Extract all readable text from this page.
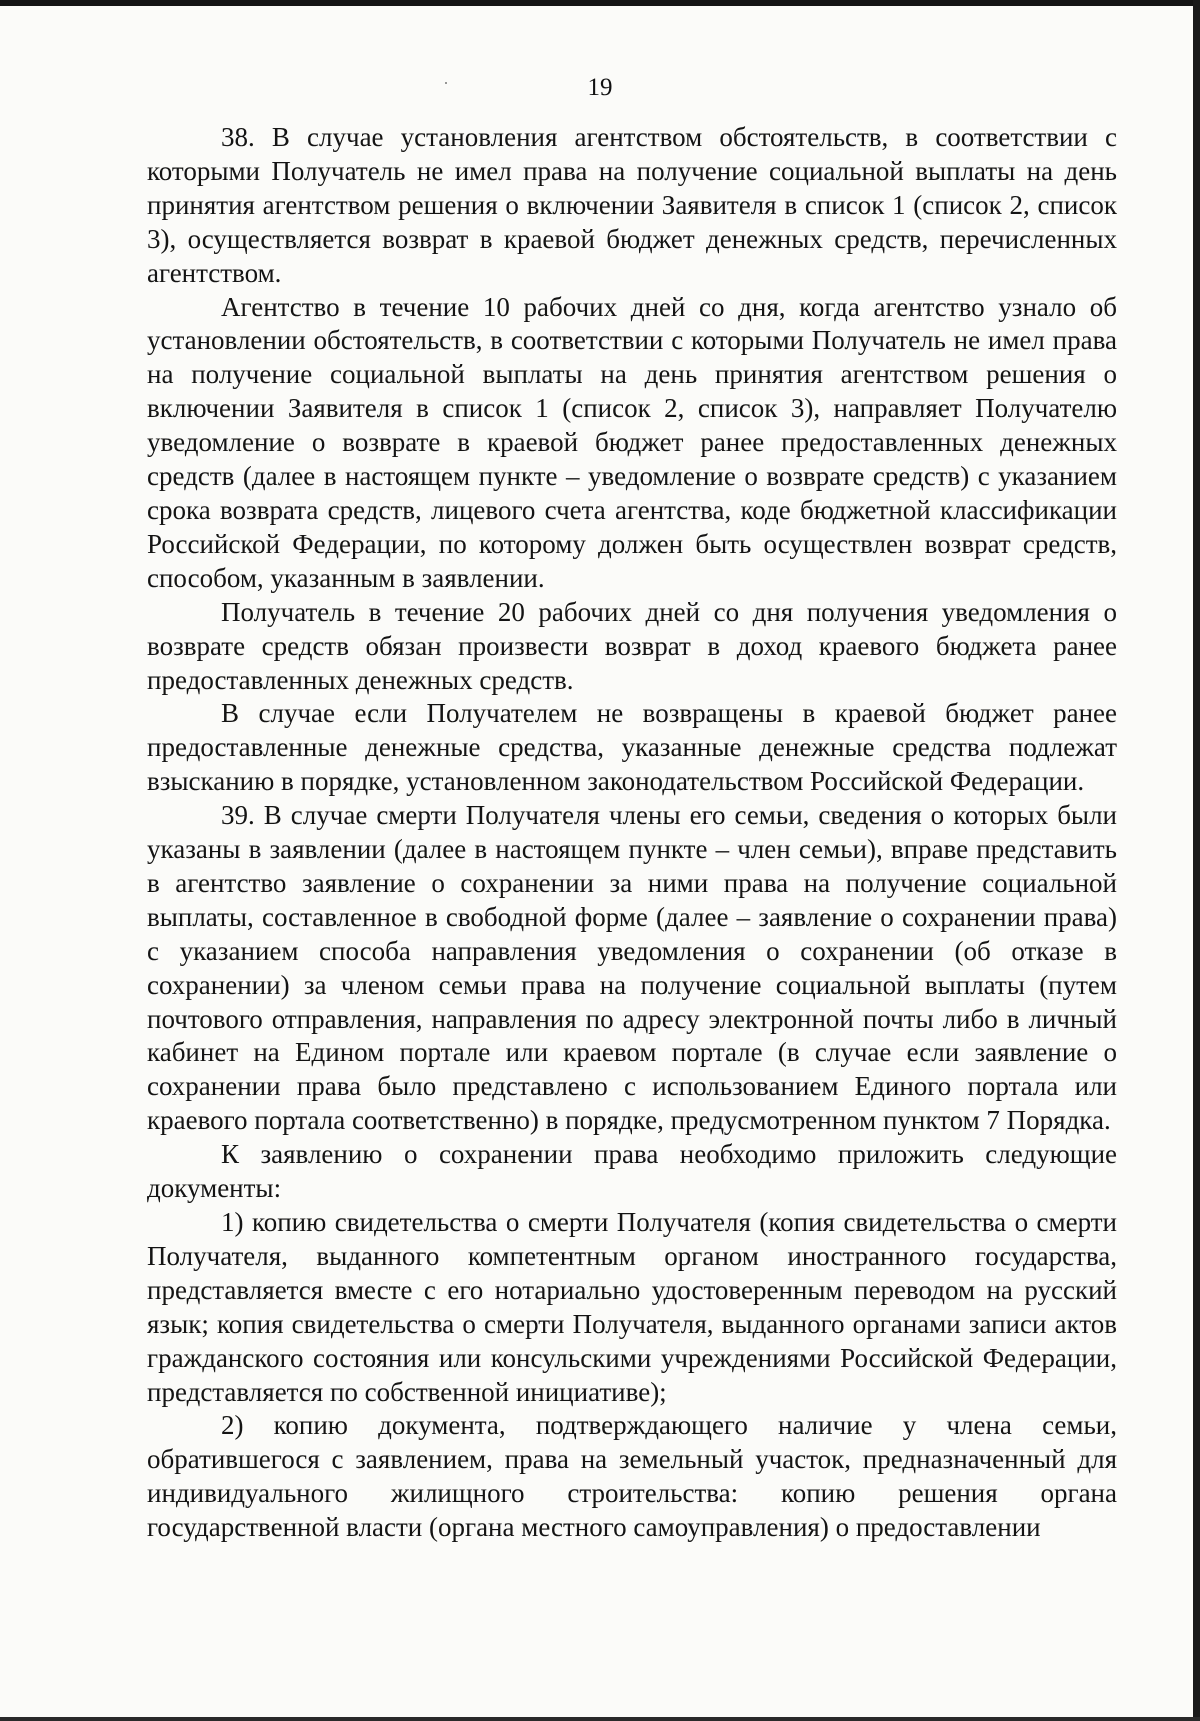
19

38. В случае установления агентством обстоятельств, в соответствии с которыми Получатель не имел права на получение социальной выплаты на день принятия агентством решения о включении Заявителя в список 1 (список 2, список 3), осуществляется возврат в краевой бюджет денежных средств, перечисленных агентством.

Агентство в течение 10 рабочих дней со дня, когда агентство узнало об установлении обстоятельств, в соответствии с которыми Получатель не имел права на получение социальной выплаты на день принятия агентством решения о включении Заявителя в список 1 (список 2, список 3), направляет Получателю уведомление о возврате в краевой бюджет ранее предоставленных денежных средств (далее в настоящем пункте – уведомление о возврате средств) с указанием срока возврата средств, лицевого счета агентства, коде бюджетной классификации Российской Федерации, по которому должен быть осуществлен возврат средств, способом, указанным в заявлении.

Получатель в течение 20 рабочих дней со дня получения уведомления о возврате средств обязан произвести возврат в доход краевого бюджета ранее предоставленных денежных средств.

В случае если Получателем не возвращены в краевой бюджет ранее предоставленные денежные средства, указанные денежные средства подлежат взысканию в порядке, установленном законодательством Российской Федерации.

39. В случае смерти Получателя члены его семьи, сведения о которых были указаны в заявлении (далее в настоящем пункте – член семьи), вправе представить в агентство заявление о сохранении за ними права на получение социальной выплаты, составленное в свободной форме (далее – заявление о сохранении права) с указанием способа направления уведомления о сохранении (об отказе в сохранении) за членом семьи права на получение социальной выплаты (путем почтового отправления, направления по адресу электронной почты либо в личный кабинет на Едином портале или краевом портале (в случае если заявление о сохранении права было представлено с использованием Единого портала или краевого портала соответственно) в порядке, предусмотренном пунктом 7 Порядка.

К заявлению о сохранении права необходимо приложить следующие документы:

1) копию свидетельства о смерти Получателя (копия свидетельства о смерти Получателя, выданного компетентным органом иностранного государства, представляется вместе с его нотариально удостоверенным переводом на русский язык; копия свидетельства о смерти Получателя, выданного органами записи актов гражданского состояния или консульскими учреждениями Российской Федерации, представляется по собственной инициативе);

2) копию документа, подтверждающего наличие у члена семьи, обратившегося с заявлением, права на земельный участок, предназначенный для индивидуального жилищного строительства: копию решения органа государственной власти (органа местного самоуправления) о предоставлении
